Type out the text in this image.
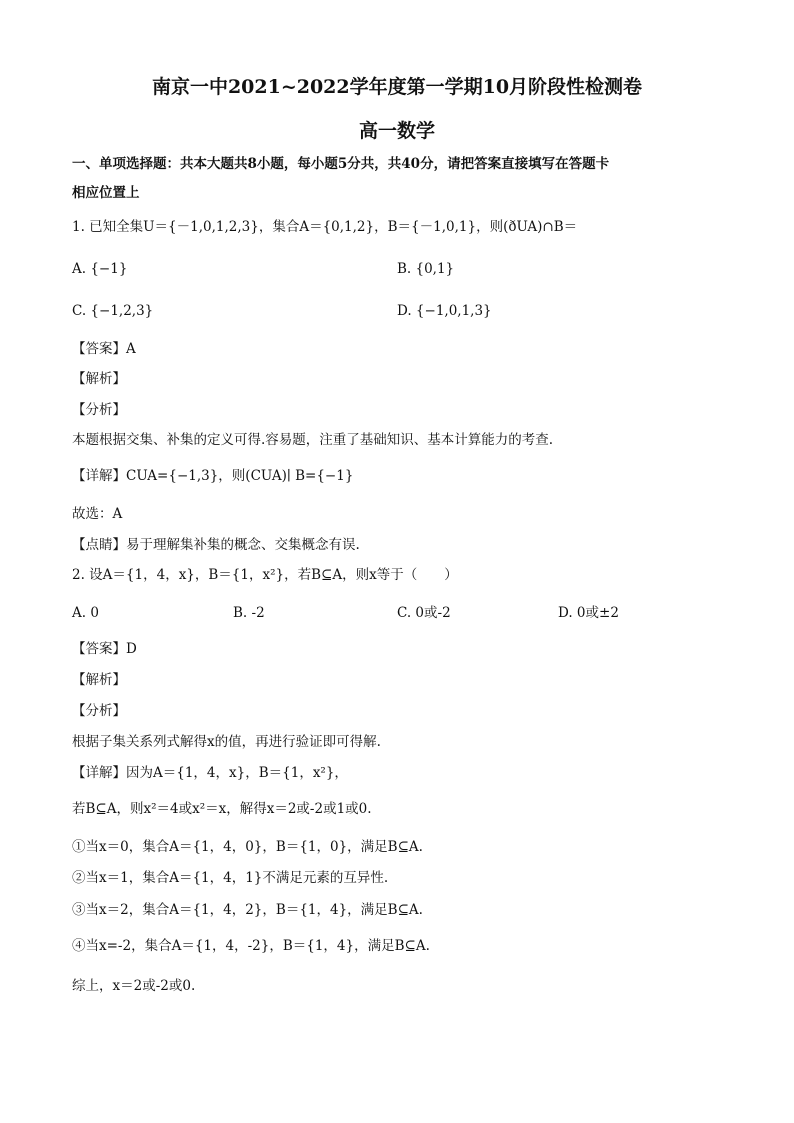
南京一中2021~2022学年度第一学期10月阶段性检测卷
高一数学
一、单项选择题：共本大题共8小题，每小题5分共，共40分，请把答案直接填写在答题卡
相应位置上
1. 已知全集U＝{－1,0,1,2,3}，集合A＝{0,1,2}，B＝{－1,0,1}，则(ðUA)∩B＝
A. {−1}	B. {0,1}
C. {−1,2,3}	D. {−1,0,1,3}
【答案】A
【解析】
【分析】
本题根据交集、补集的定义可得.容易题，注重了基础知识、基本计算能力的考查.
【详解】CUA={−1,3}，则(CUA)∣ B={−1}
故选：A
【点睛】易于理解集补集的概念、交集概念有误.
2. 设A＝{1，4，x}，B＝{1，x²}，若B⊆A，则x等于（　　）
A. 0	B. -2	C. 0或-2	D. 0或±2
【答案】D
【解析】
【分析】
根据子集关系列式解得x的值，再进行验证即可得解.
【详解】因为A＝{1，4，x}，B＝{1，x²}，
若B⊆A，则x²＝4或x²＝x，解得x＝2或-2或1或0.
①当x＝0，集合A＝{1，4，0}，B＝{1，0}，满足B⊆A.
②当x＝1，集合A＝{1，4，1}不满足元素的互异性.
③当x＝2，集合A＝{1，4，2}，B＝{1，4}，满足B⊆A.
④当x=-2，集合A＝{1，4，-2}，B＝{1，4}，满足B⊆A.
综上，x＝2或-2或0.
